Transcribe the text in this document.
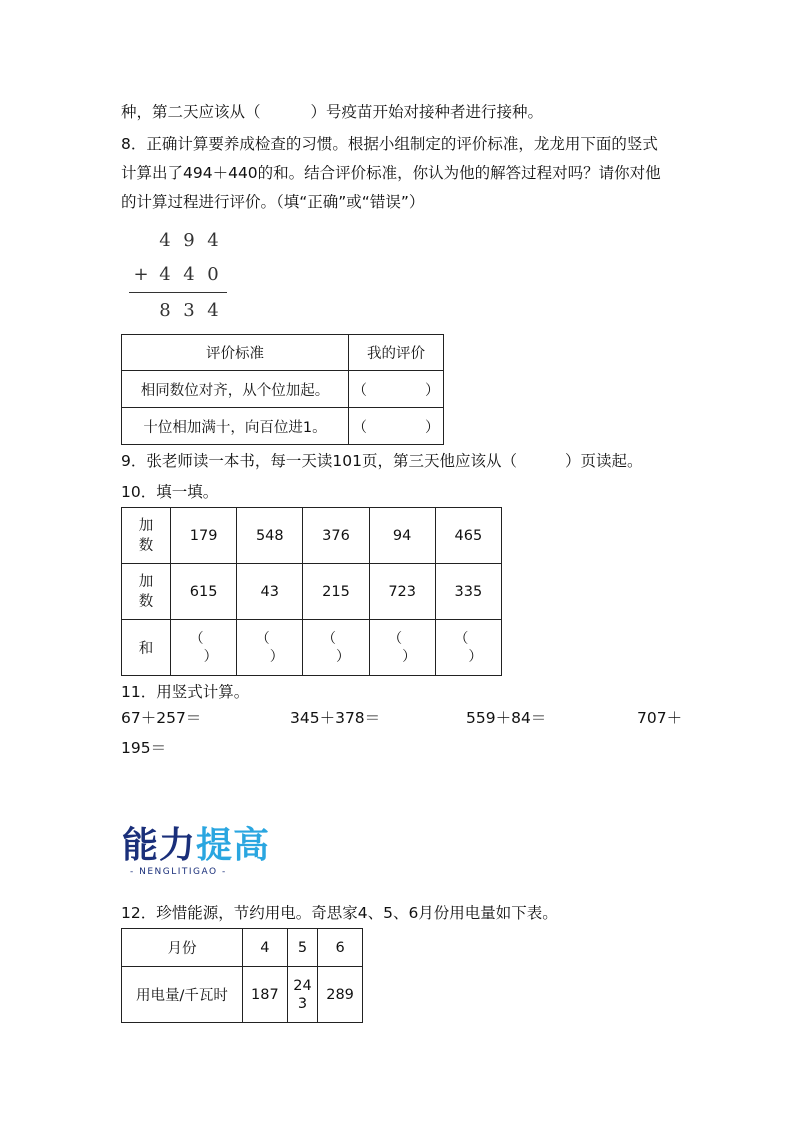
种，第二天应该从（	）号疫苗开始对接种者进行接种。
8．正确计算要养成检查的习惯。根据小组制定的评价标准，龙龙用下面的竖式
计算出了494＋440的和。结合评价标准，你认为他的解答过程对吗？请你对他
的计算过程进行评价。（填“正确”或“错误”）
4 9 4
+ 4 4 0
8 3 4
评价标准	我的评价
相同数位对齐，从个位加起。	（　　　　）
十位相加满十，向百位进1。	（　　　　）
9．张老师读一本书，每一天读101页，第三天他应该从（	）页读起。
10．填一填。
加
数	179	548	376	94	465
加
数	615	43	215	723	335
和	（
）	（
）	（
）	（
）	（
）
11．用竖式计算。
67＋257＝	345＋378＝	559＋84＝	707＋
195＝
能力提高
- NENGLITIGAO -
12．珍惜能源，节约用电。奇思家4、5、6月份用电量如下表。
月份	4	5	6
用电量/千瓦时	187	24
3	289
